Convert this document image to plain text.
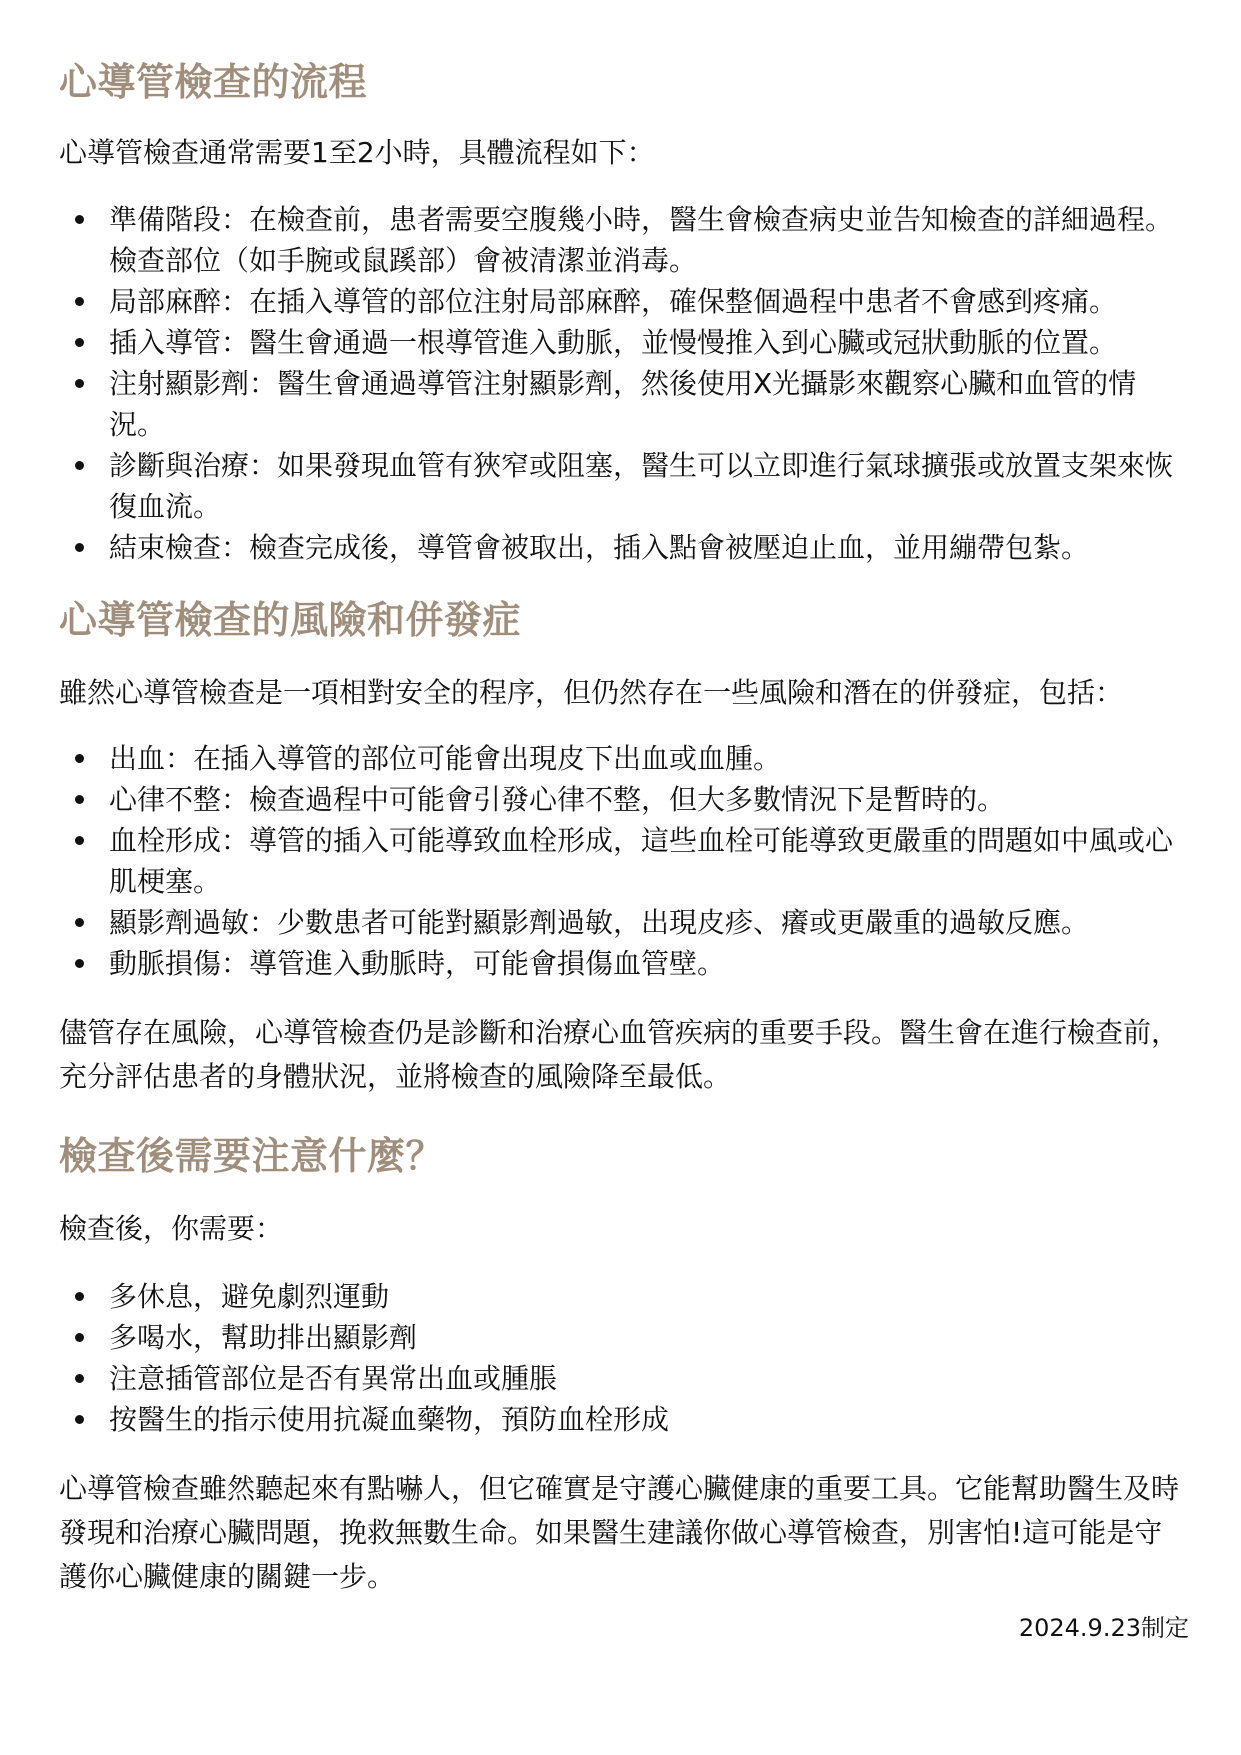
心導管檢查的流程

心導管檢查通常需要1至2小時，具體流程如下：

準備階段：在檢查前，患者需要空腹幾小時，醫生會檢查病史並告知檢查的詳細過程。檢查部位（如手腕或鼠蹊部）會被清潔並消毒。
局部麻醉：在插入導管的部位注射局部麻醉，確保整個過程中患者不會感到疼痛。
插入導管：醫生會通過一根導管進入動脈，並慢慢推入到心臟或冠狀動脈的位置。
注射顯影劑：醫生會通過導管注射顯影劑，然後使用X光攝影來觀察心臟和血管的情況。
診斷與治療：如果發現血管有狹窄或阻塞，醫生可以立即進行氣球擴張或放置支架來恢復血流。
結束檢查：檢查完成後，導管會被取出，插入點會被壓迫止血，並用繃帶包紮。
心導管檢查的風險和併發症

雖然心導管檢查是一項相對安全的程序，但仍然存在一些風險和潛在的併發症，包括：

出血：在插入導管的部位可能會出現皮下出血或血腫。
心律不整：檢查過程中可能會引發心律不整，但大多數情況下是暫時的。
血栓形成：導管的插入可能導致血栓形成，這些血栓可能導致更嚴重的問題如中風或心肌梗塞。
顯影劑過敏：少數患者可能對顯影劑過敏，出現皮疹、癢或更嚴重的過敏反應。
動脈損傷：導管進入動脈時，可能會損傷血管壁。

儘管存在風險，心導管檢查仍是診斷和治療心血管疾病的重要手段。醫生會在進行檢查前，充分評估患者的身體狀況，並將檢查的風險降至最低。

檢查後需要注意什麼？

檢查後，你需要：

多休息，避免劇烈運動
多喝水，幫助排出顯影劑
注意插管部位是否有異常出血或腫脹
按醫生的指示使用抗凝血藥物，預防血栓形成

心導管檢查雖然聽起來有點嚇人，但它確實是守護心臟健康的重要工具。它能幫助醫生及時發現和治療心臟問題，挽救無數生命。如果醫生建議你做心導管檢查，別害怕!這可能是守護你心臟健康的關鍵一步。

2024.9.23制定
